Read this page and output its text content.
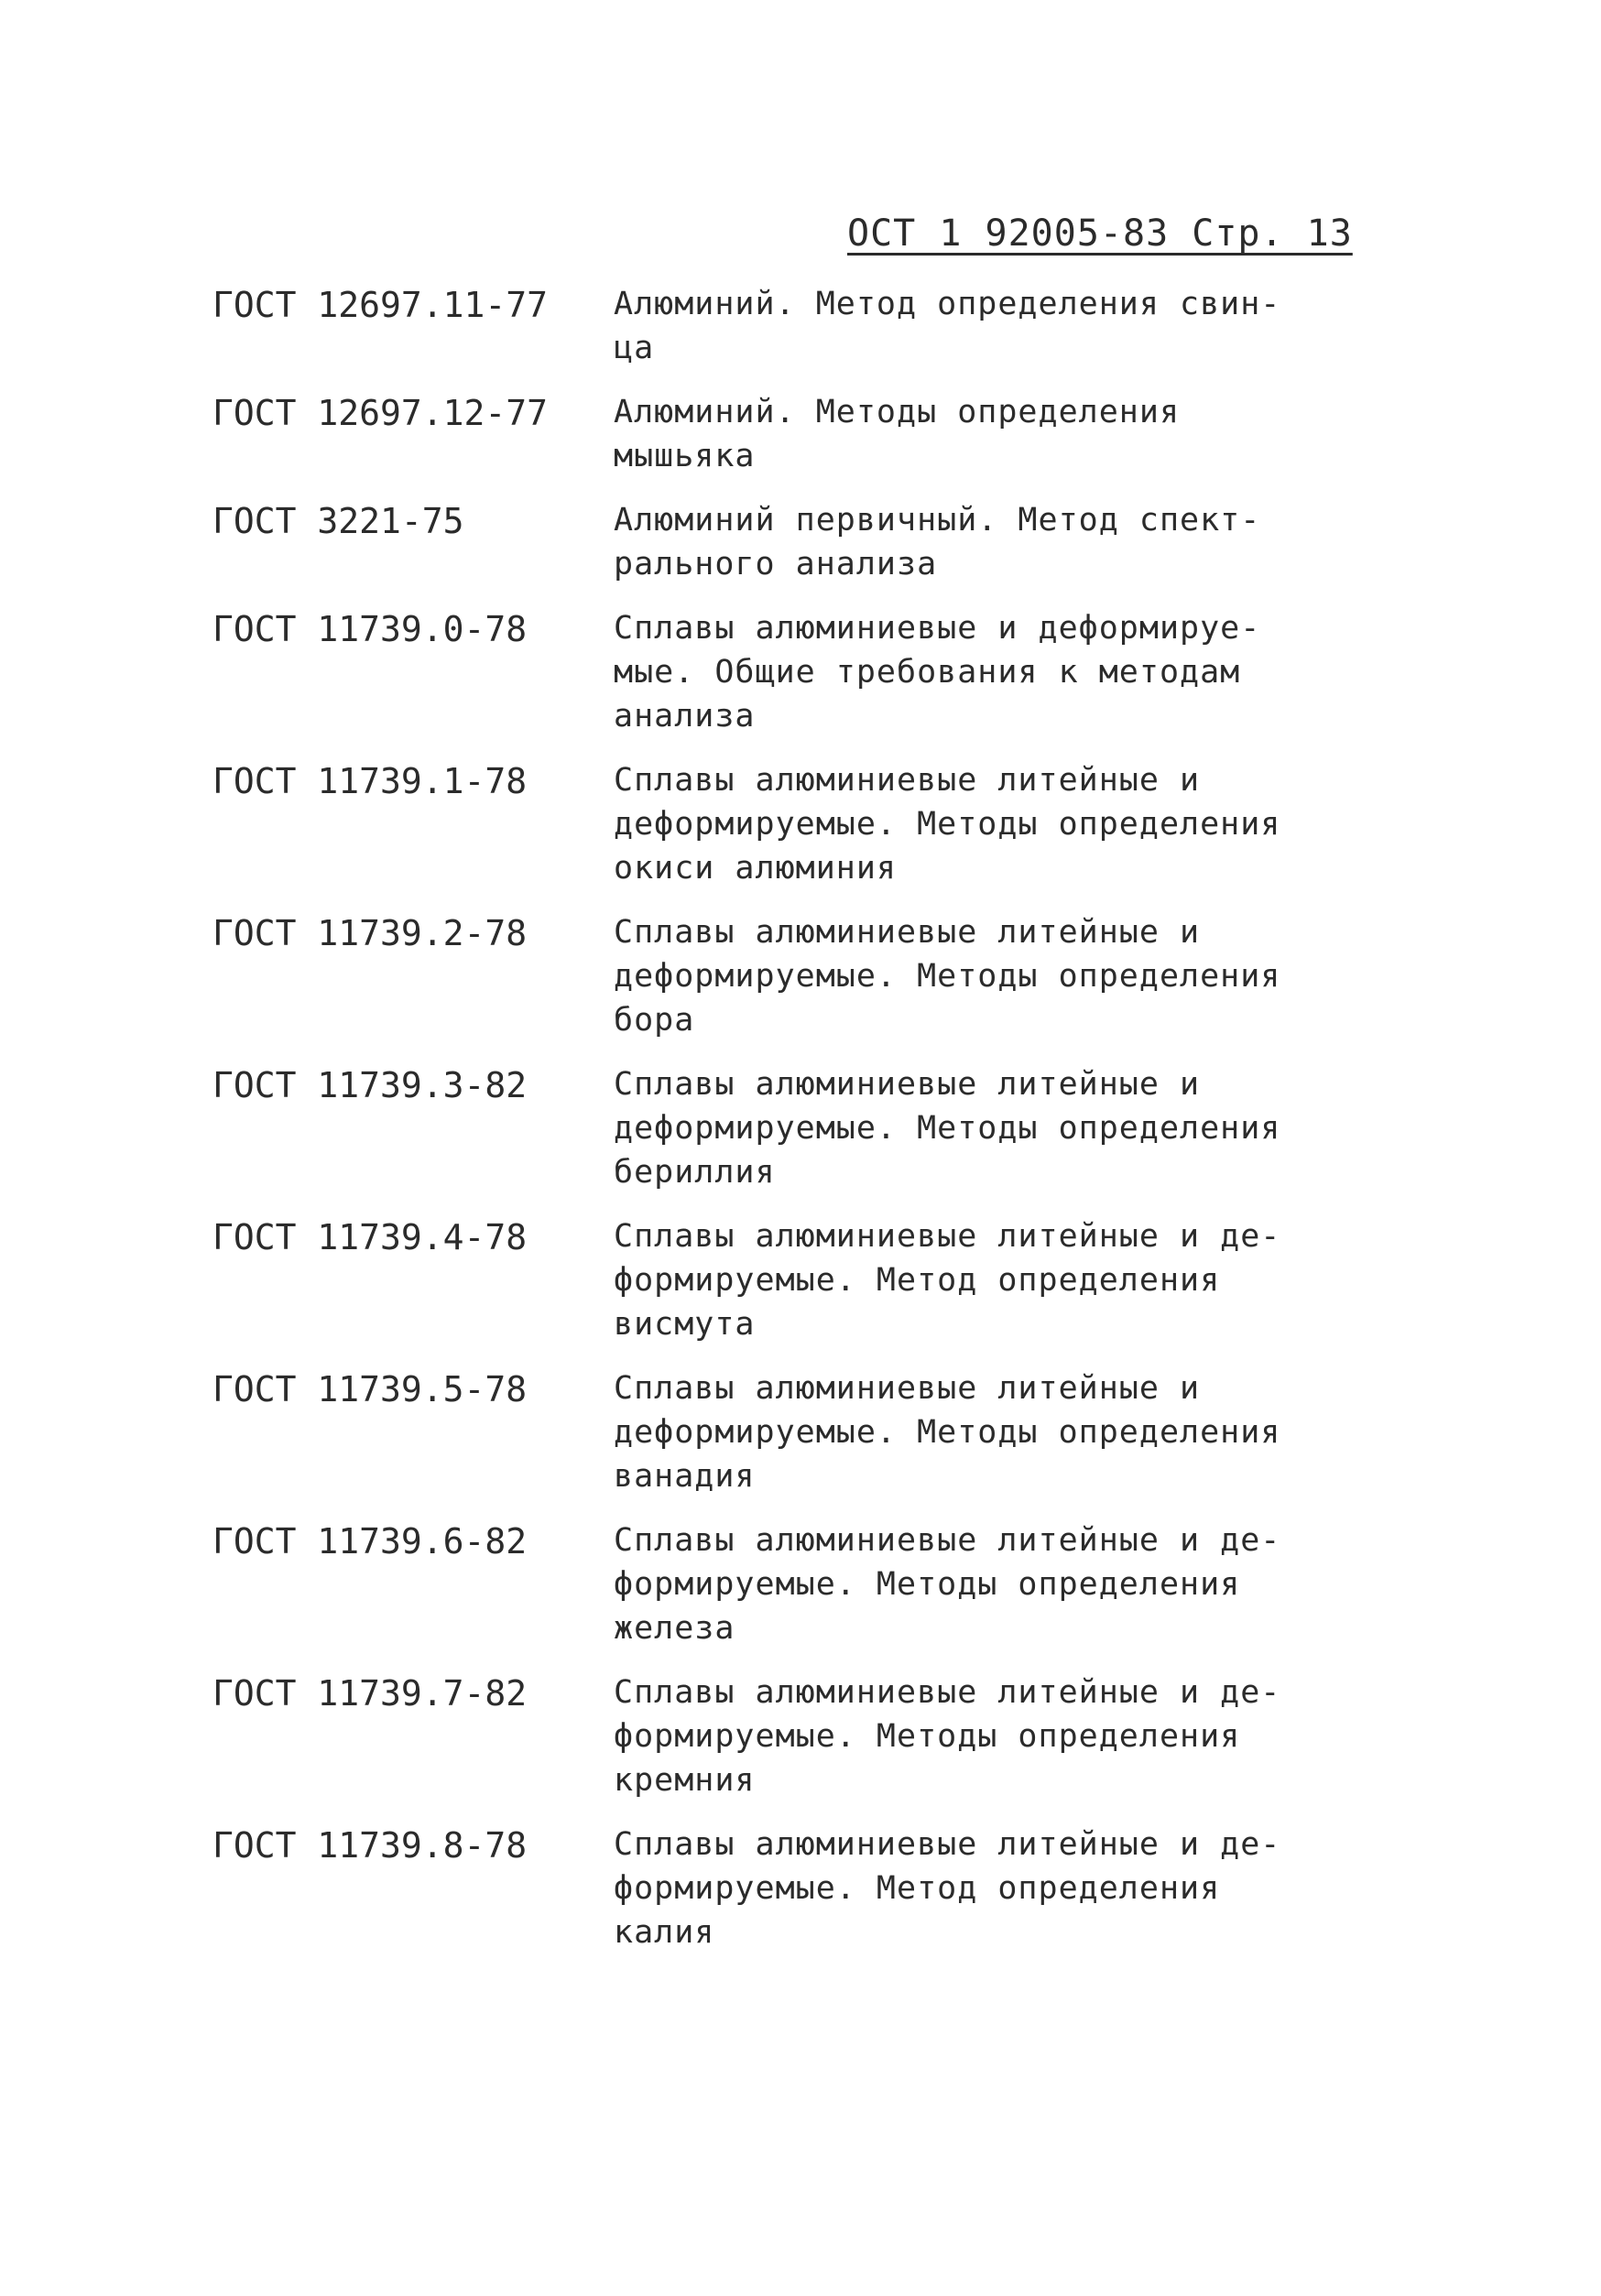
ОСТ 1 92005-83 Стр. 13
ГОСТ 12697.11-77	Алюминий. Метод определения свин-
ца
ГОСТ 12697.12-77	Алюминий. Методы определения
мышьяка
ГОСТ 3221-75	Алюминий первичный. Метод спект-
рального анализа
ГОСТ 11739.0-78	Сплавы алюминиевые и деформируе-
мые. Общие требования к методам
анализа
ГОСТ 11739.1-78	Сплавы алюминиевые литейные и
деформируемые. Методы определения
окиси алюминия
ГОСТ 11739.2-78	Сплавы алюминиевые литейные и
деформируемые. Методы определения
бора
ГОСТ 11739.3-82	Сплавы алюминиевые литейные и
деформируемые. Методы определения
бериллия
ГОСТ 11739.4-78	Сплавы алюминиевые литейные и де-
формируемые. Метод определения
висмута
ГОСТ 11739.5-78	Сплавы алюминиевые литейные и
деформируемые. Методы определения
ванадия
ГОСТ 11739.6-82	Сплавы алюминиевые литейные и де-
формируемые. Методы определения
железа
ГОСТ 11739.7-82	Сплавы алюминиевые литейные и де-
формируемые. Методы определения
кремния
ГОСТ 11739.8-78	Сплавы алюминиевые литейные и де-
формируемые. Метод определения
калия
